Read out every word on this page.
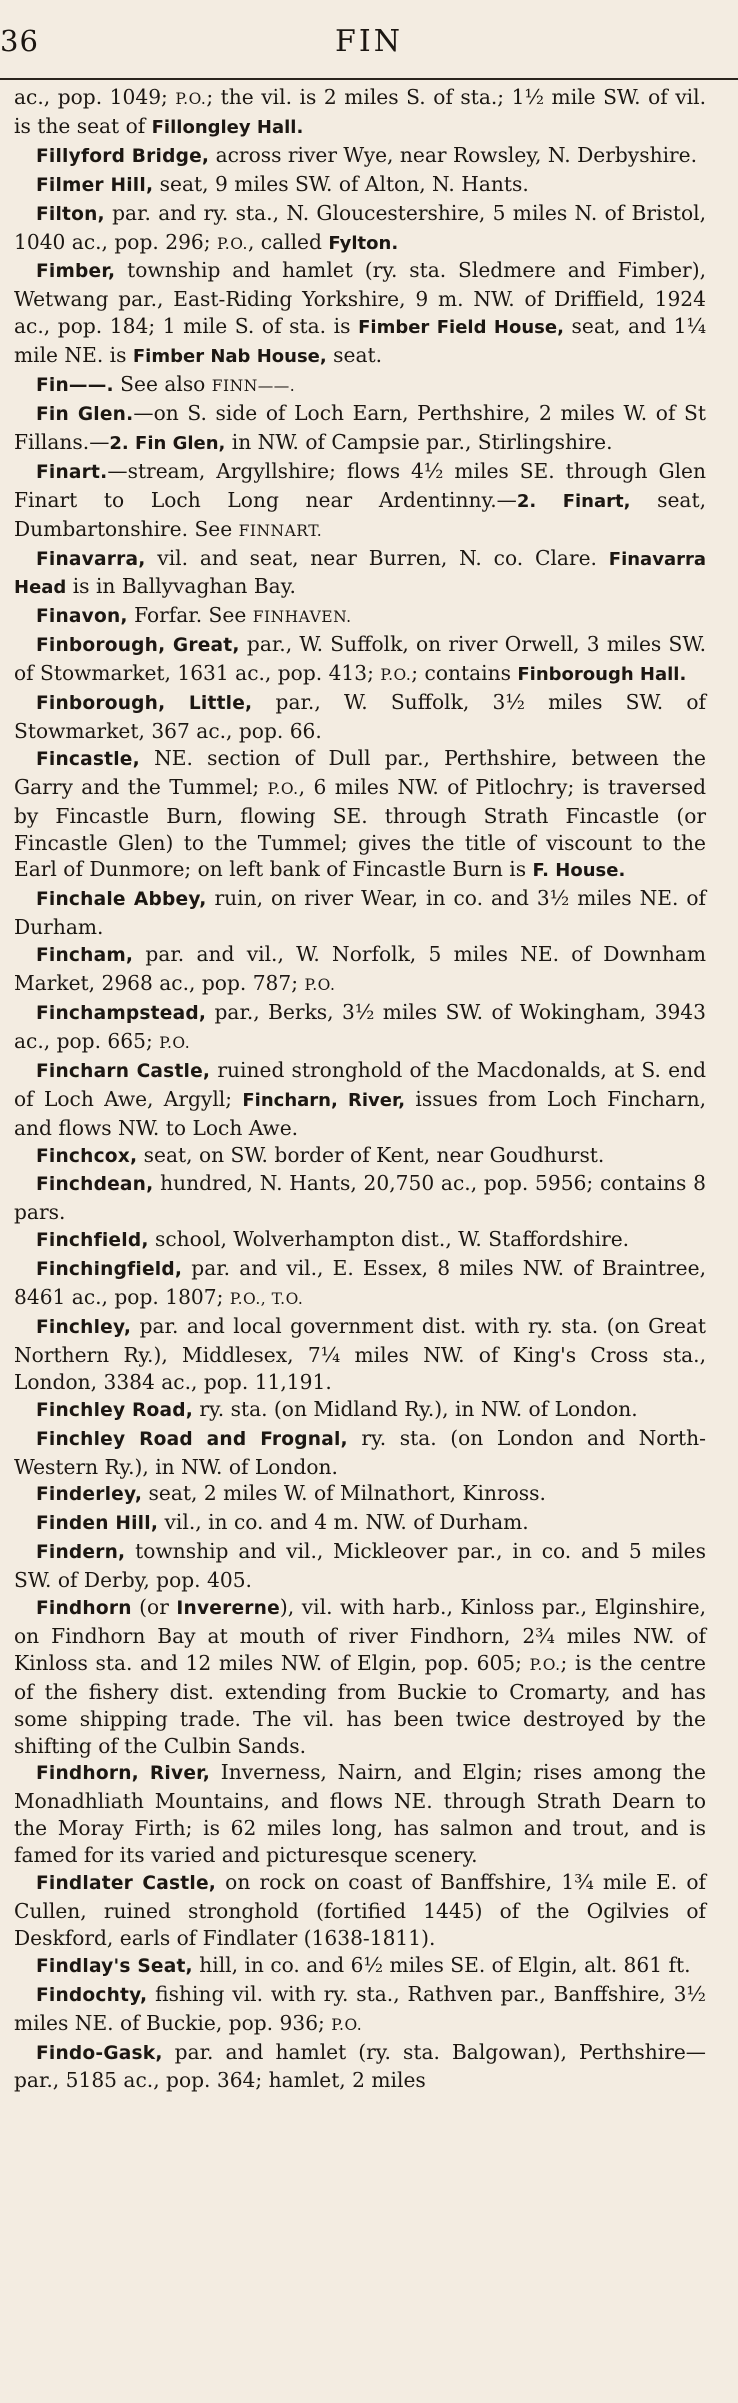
36	FIN

ac., pop. 1049; P.O.; the vil. is 2 miles S. of sta.; 1½ mile SW. of vil. is the seat of Fillongley Hall.

Fillyford Bridge, across river Wye, near Rowsley, N. Derbyshire.

Filmer Hill, seat, 9 miles SW. of Alton, N. Hants.

Filton, par. and ry. sta., N. Gloucestershire, 5 miles N. of Bristol, 1040 ac., pop. 296; P.O., called Fylton.

Fimber, township and hamlet (ry. sta. Sledmere and Fimber), Wetwang par., East-Riding Yorkshire, 9 m. NW. of Driffield, 1924 ac., pop. 184; 1 mile S. of sta. is Fimber Field House, seat, and 1¼ mile NE. is Fimber Nab House, seat.

Fin——. See also FINN——.

Fin Glen.—on S. side of Loch Earn, Perthshire, 2 miles W. of St Fillans.—2. Fin Glen, in NW. of Campsie par., Stirlingshire.

Finart.—stream, Argyllshire; flows 4½ miles SE. through Glen Finart to Loch Long near Ardentinny.—2. Finart, seat, Dumbartonshire. See FINNART.

Finavarra, vil. and seat, near Burren, N. co. Clare. Finavarra Head is in Ballyvaghan Bay.

Finavon, Forfar. See FINHAVEN.

Finborough, Great, par., W. Suffolk, on river Orwell, 3 miles SW. of Stowmarket, 1631 ac., pop. 413; P.O.; contains Finborough Hall.

Finborough, Little, par., W. Suffolk, 3½ miles SW. of Stowmarket, 367 ac., pop. 66.

Fincastle, NE. section of Dull par., Perthshire, between the Garry and the Tummel; P.O., 6 miles NW. of Pitlochry; is traversed by Fincastle Burn, flowing SE. through Strath Fincastle (or Fincastle Glen) to the Tummel; gives the title of viscount to the Earl of Dunmore; on left bank of Fincastle Burn is F. House.

Finchale Abbey, ruin, on river Wear, in co. and 3½ miles NE. of Durham.

Fincham, par. and vil., W. Norfolk, 5 miles NE. of Downham Market, 2968 ac., pop. 787; P.O.

Finchampstead, par., Berks, 3½ miles SW. of Wokingham, 3943 ac., pop. 665; P.O.

Fincharn Castle, ruined stronghold of the Macdonalds, at S. end of Loch Awe, Argyll; Fincharn, River, issues from Loch Fincharn, and flows NW. to Loch Awe.

Finchcox, seat, on SW. border of Kent, near Goudhurst.

Finchdean, hundred, N. Hants, 20,750 ac., pop. 5956; contains 8 pars.

Finchfield, school, Wolverhampton dist., W. Staffordshire.

Finchingfield, par. and vil., E. Essex, 8 miles NW. of Braintree, 8461 ac., pop. 1807; P.O., T.O.

Finchley, par. and local government dist. with ry. sta. (on Great Northern Ry.), Middlesex, 7¼ miles NW. of King's Cross sta., London, 3384 ac., pop. 11,191.

Finchley Road, ry. sta. (on Midland Ry.), in NW. of London.

Finchley Road and Frognal, ry. sta. (on London and North-Western Ry.), in NW. of London.

Finderley, seat, 2 miles W. of Milnathort, Kinross.

Finden Hill, vil., in co. and 4 m. NW. of Durham.

Findern, township and vil., Mickleover par., in co. and 5 miles SW. of Derby, pop. 405.

Findhorn (or Invererne), vil. with harb., Kinloss par., Elginshire, on Findhorn Bay at mouth of river Findhorn, 2¾ miles NW. of Kinloss sta. and 12 miles NW. of Elgin, pop. 605; P.O.; is the centre of the fishery dist. extending from Buckie to Cromarty, and has some shipping trade. The vil. has been twice destroyed by the shifting of the Culbin Sands.

Findhorn, River, Inverness, Nairn, and Elgin; rises among the Monadhliath Mountains, and flows NE. through Strath Dearn to the Moray Firth; is 62 miles long, has salmon and trout, and is famed for its varied and picturesque scenery.

Findlater Castle, on rock on coast of Banffshire, 1¾ mile E. of Cullen, ruined stronghold (fortified 1445) of the Ogilvies of Deskford, earls of Findlater (1638-1811).

Findlay's Seat, hill, in co. and 6½ miles SE. of Elgin, alt. 861 ft.

Findochty, fishing vil. with ry. sta., Rathven par., Banffshire, 3½ miles NE. of Buckie, pop. 936; P.O.

Findo-Gask, par. and hamlet (ry. sta. Balgowan), Perthshire—par., 5185 ac., pop. 364; hamlet, 2 miles
